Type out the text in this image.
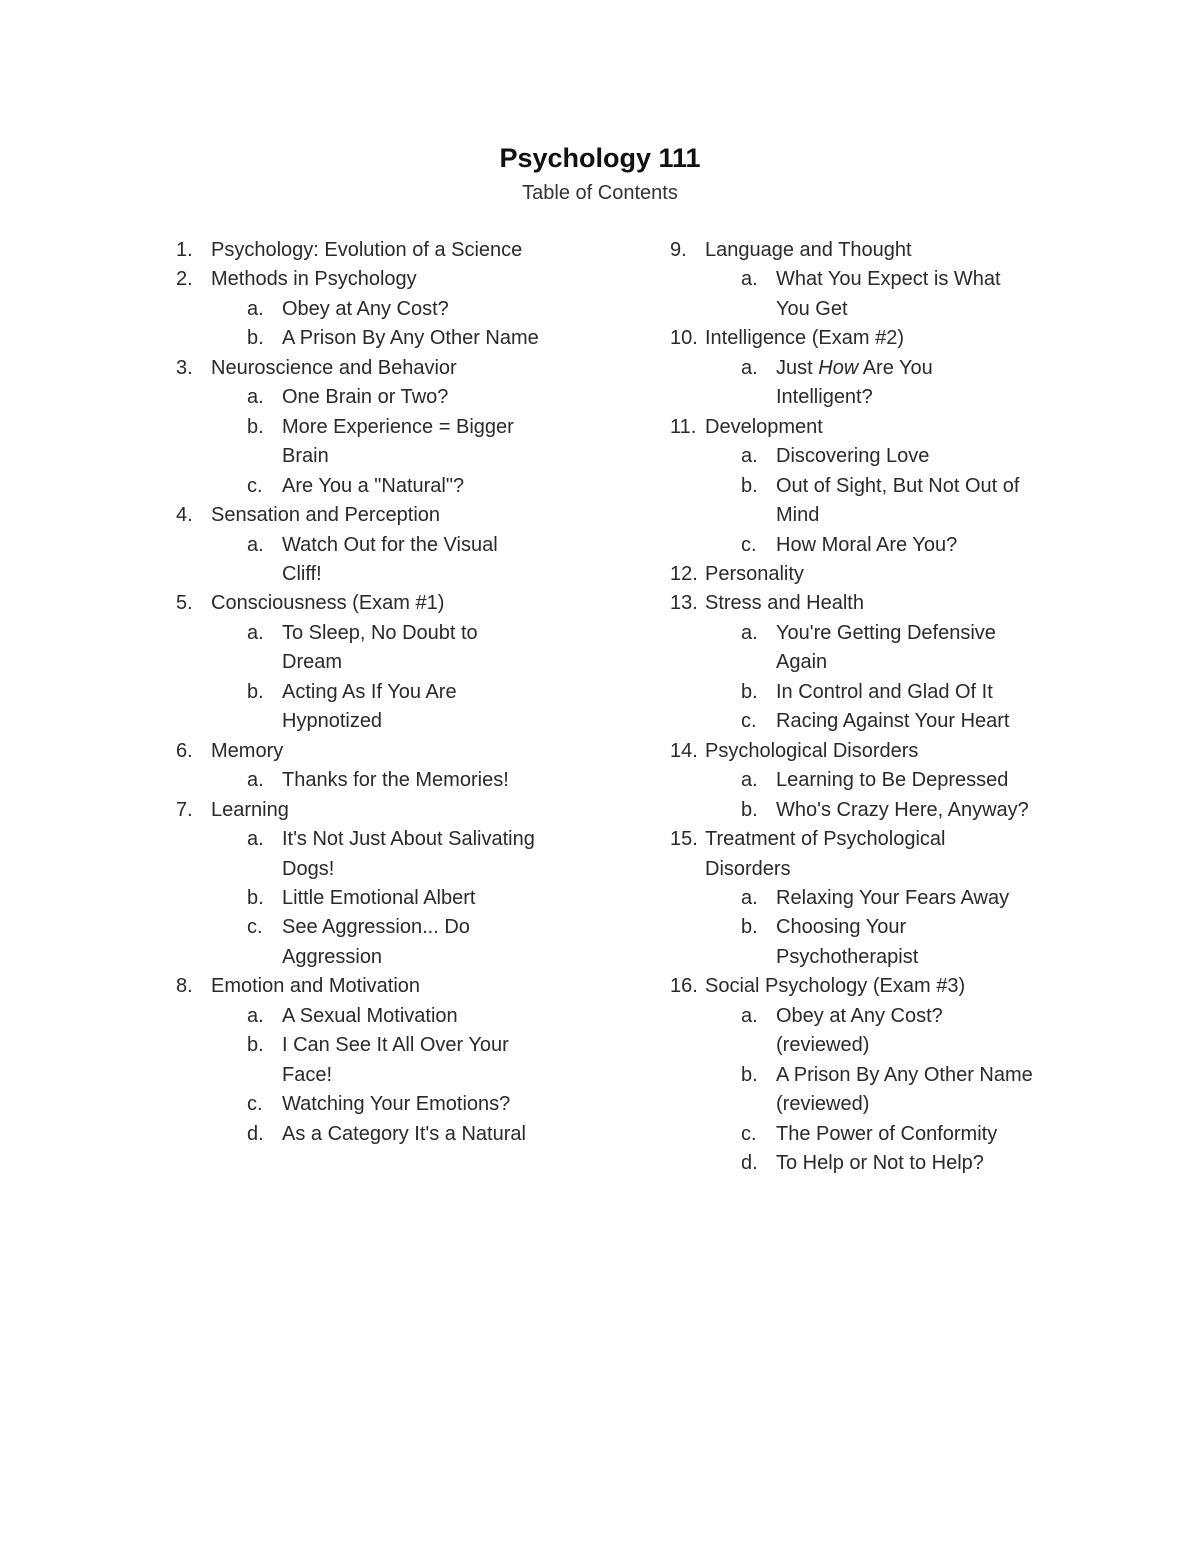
Psychology 111
Table of Contents
1. Psychology: Evolution of a Science
2. Methods in Psychology
a. Obey at Any Cost?
b. A Prison By Any Other Name
3. Neuroscience and Behavior
a. One Brain or Two?
b. More Experience = Bigger
Brain
c. Are You a "Natural"?
4. Sensation and Perception
a. Watch Out for the Visual
Cliff!
5. Consciousness (Exam #1)
a. To Sleep, No Doubt to
Dream
b. Acting As If You Are
Hypnotized
6. Memory
a. Thanks for the Memories!
7. Learning
a. It's Not Just About Salivating
Dogs!
b. Little Emotional Albert
c. See Aggression... Do
Aggression
8. Emotion and Motivation
a. A Sexual Motivation
b. I Can See It All Over Your
Face!
c. Watching Your Emotions?
d. As a Category It's a Natural
9. Language and Thought
a. What You Expect is What
You Get
10. Intelligence (Exam #2)
a. Just How Are You
Intelligent?
11. Development
a. Discovering Love
b. Out of Sight, But Not Out of
Mind
c. How Moral Are You?
12. Personality
13. Stress and Health
a. You're Getting Defensive
Again
b. In Control and Glad Of It
c. Racing Against Your Heart
14. Psychological Disorders
a. Learning to Be Depressed
b. Who's Crazy Here, Anyway?
15. Treatment of Psychological
Disorders
a. Relaxing Your Fears Away
b. Choosing Your
Psychotherapist
16. Social Psychology (Exam #3)
a. Obey at Any Cost?
(reviewed)
b. A Prison By Any Other Name
(reviewed)
c. The Power of Conformity
d. To Help or Not to Help?
